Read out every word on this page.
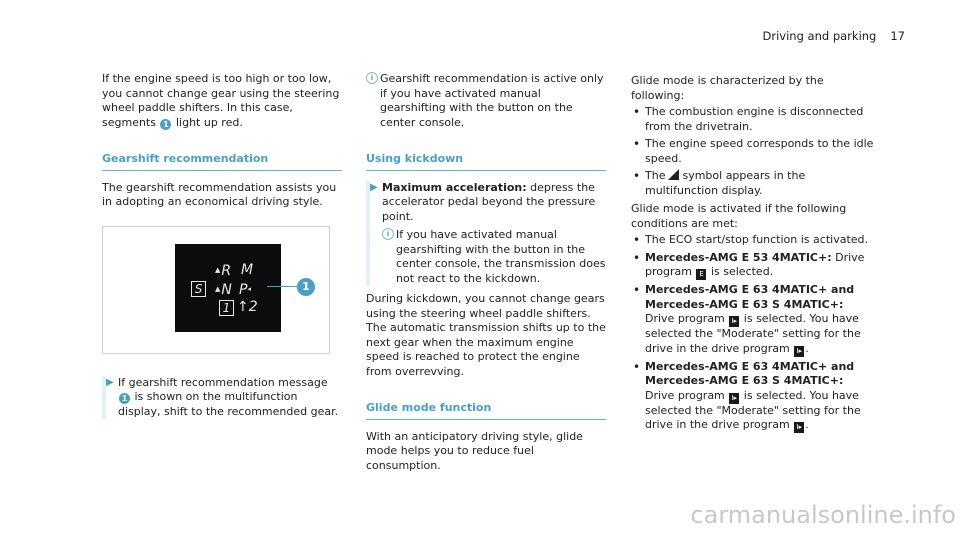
Driving and parking 17

If the engine speed is too high or too low, you cannot change gear using the steering wheel paddle shifters. In this case, segments 1 light up red.

Gearshift recommendation

The gearshift recommendation assists you in adopting an economical driving style.

▲R M
S	▲N P◂
1 ↑2
1
▶ If gearshift recommendation message 1 is shown on the multifunction display, shift to the recommended gear.
i Gearshift recommendation is active only if you have activated manual gearshifting with the button on the center console.
Using kickdown
▶ Maximum acceleration: depress the accelerator pedal beyond the pressure point.
i If you have activated manual gearshifting with the button in the center console, the transmission does not react to the kickdown.

During kickdown, you cannot change gears using the steering wheel paddle shifters. The automatic transmission shifts up to the next gear when the maximum engine speed is reached to protect the engine from overrevving.

Glide mode function

With an anticipatory driving style, glide mode helps you to reduce fuel consumption.

Glide mode is characterized by the following:

• The combustion engine is disconnected from the drivetrain.
• The engine speed corresponds to the idle speed.
• The symbol appears in the multifunction display.

Glide mode is activated if the following conditions are met:

• The ECO start/stop function is activated.
• Mercedes-AMG E 53 4MATIC+: Drive program E is selected.
• Mercedes-AMG E 63 4MATIC+ and Mercedes-AMG E 63 S 4MATIC+: Drive program I▸ is selected. You have selected the "Moderate" setting for the drive in the drive program I▸ .
• Mercedes-AMG E 63 4MATIC+ and Mercedes-AMG E 63 S 4MATIC+: Drive program I▸ is selected. You have selected the "Moderate" setting for the drive in the drive program I▸ .
carmanualsonline.info
